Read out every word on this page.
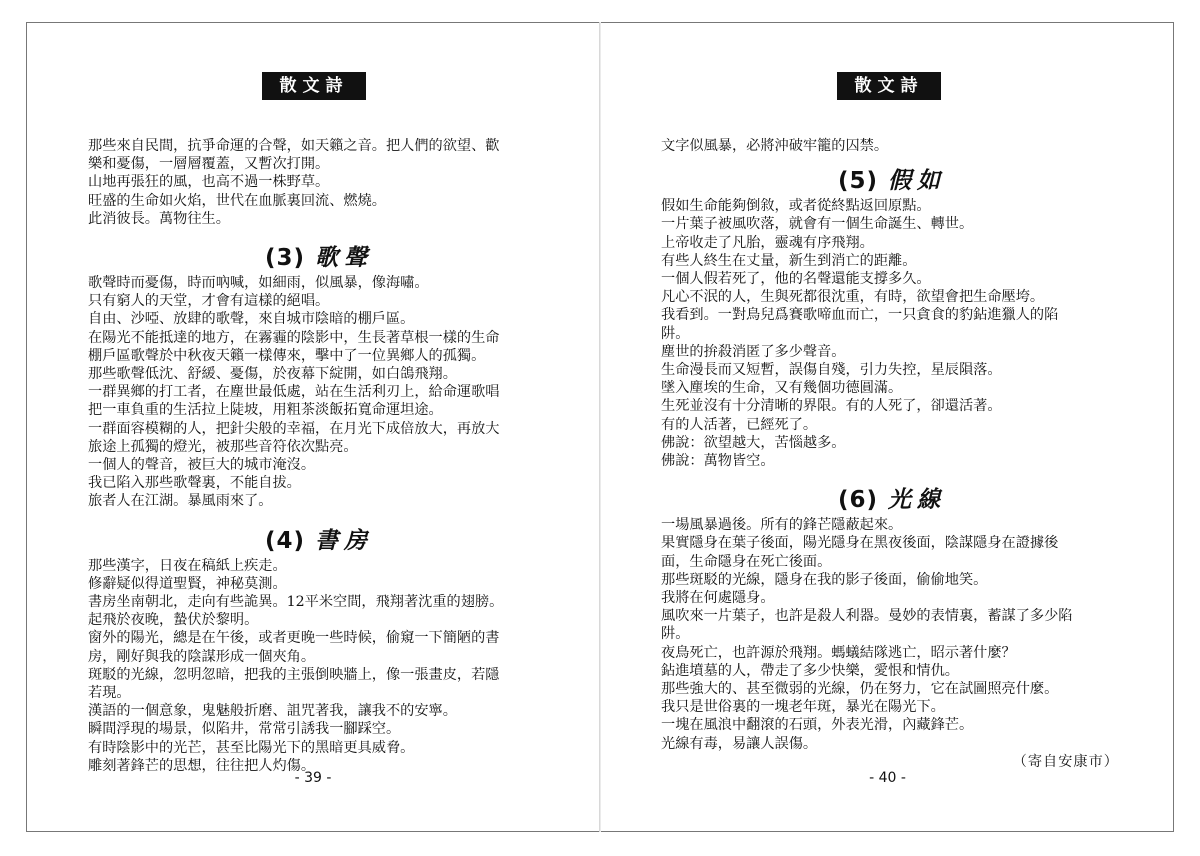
散文詩

那些來自民間，抗爭命運的合聲，如天籟之音。把人們的欲望、歡

樂和憂傷，一層層覆蓋，又暫次打開。

山地再張狂的風，也高不過一株野草。

旺盛的生命如火焰，世代在血脈裏回流、燃燒。

此消彼長。萬物往生。

(3) 歌聲

歌聲時而憂傷，時而吶喊，如細雨，似風暴，像海嘯。

只有窮人的天堂，才會有這樣的絕唱。

自由、沙啞、放肆的歌聲，來自城市陰暗的棚戶區。

在陽光不能抵達的地方，在霧霾的陰影中，生長著草根一樣的生命

棚戶區歌聲於中秋夜天籟一樣傳來，擊中了一位異鄉人的孤獨。

那些歌聲低沈、舒緩、憂傷，於夜幕下綻開，如白鴿飛翔。

一群異鄉的打工者，在塵世最低處，站在生活利刃上，給命運歌唱

把一車負重的生活拉上陡坡，用粗茶淡飯拓寬命運坦途。

一群面容模糊的人，把針尖般的幸福，在月光下成倍放大，再放大

旅途上孤獨的燈光，被那些音符依次點亮。

一個人的聲音，被巨大的城市淹沒。

我已陷入那些歌聲裏，不能自拔。

旅者人在江湖。暴風雨來了。

(4) 書房

那些漢字，日夜在稿紙上疾走。

修辭疑似得道聖賢，神秘莫測。

書房坐南朝北，走向有些詭異。12平米空間，飛翔著沈重的翅膀。

起飛於夜晚，蟄伏於黎明。

窗外的陽光，總是在午後，或者更晚一些時候，偷窺一下簡陋的書

房，剛好與我的陰謀形成一個夾角。

斑駁的光線，忽明忽暗，把我的主張倒映牆上，像一張畫皮，若隱

若現。

漢語的一個意象，鬼魅般折磨、詛咒著我，讓我不的安寧。

瞬間浮現的場景，似陷井，常常引誘我一腳踩空。

有時陰影中的光芒，甚至比陽光下的黑暗更具威脅。

雕刻著鋒芒的思想，往往把人灼傷。

- 39 -
散文詩

文字似風暴，必將沖破牢籠的囚禁。

(5) 假如

假如生命能夠倒敘，或者從終點返回原點。

一片葉子被風吹落，就會有一個生命誕生、轉世。

上帝收走了凡胎，靈魂有序飛翔。

有些人終生在丈量，新生到消亡的距離。

一個人假若死了，他的名聲還能支撐多久。

凡心不泯的人，生與死都很沈重，有時，欲望會把生命壓垮。

我看到。一對鳥兒爲賽歌啼血而亡，一只貪食的豹鉆進獵人的陷

阱。

塵世的拚殺消匿了多少聲音。

生命漫長而又短暫，誤傷自殘，引力失控，星辰隕落。

墜入塵埃的生命，又有幾個功德圓滿。

生死並沒有十分清晰的界限。有的人死了，卻還活著。

有的人活著，已經死了。

佛說：欲望越大，苦惱越多。

佛說：萬物皆空。

(6) 光線

一場風暴過後。所有的鋒芒隱蔽起來。

果實隱身在葉子後面，陽光隱身在黑夜後面，陰謀隱身在證據後

面，生命隱身在死亡後面。

那些斑駁的光線，隱身在我的影子後面，偷偷地笑。

我將在何處隱身。

風吹來一片葉子，也許是殺人利器。曼妙的表情裏，蓄謀了多少陷

阱。

夜鳥死亡，也許源於飛翔。螞蟻結隊逃亡，昭示著什麼？

鉆進墳墓的人，帶走了多少快樂，愛恨和情仇。

那些強大的、甚至微弱的光線，仍在努力，它在試圖照亮什麼。

我只是世俗裏的一塊老年斑，暴光在陽光下。

一塊在風浪中翻滾的石頭，外表光滑，內藏鋒芒。

光線有毒，易讓人誤傷。

（寄自安康市）

- 40 -
